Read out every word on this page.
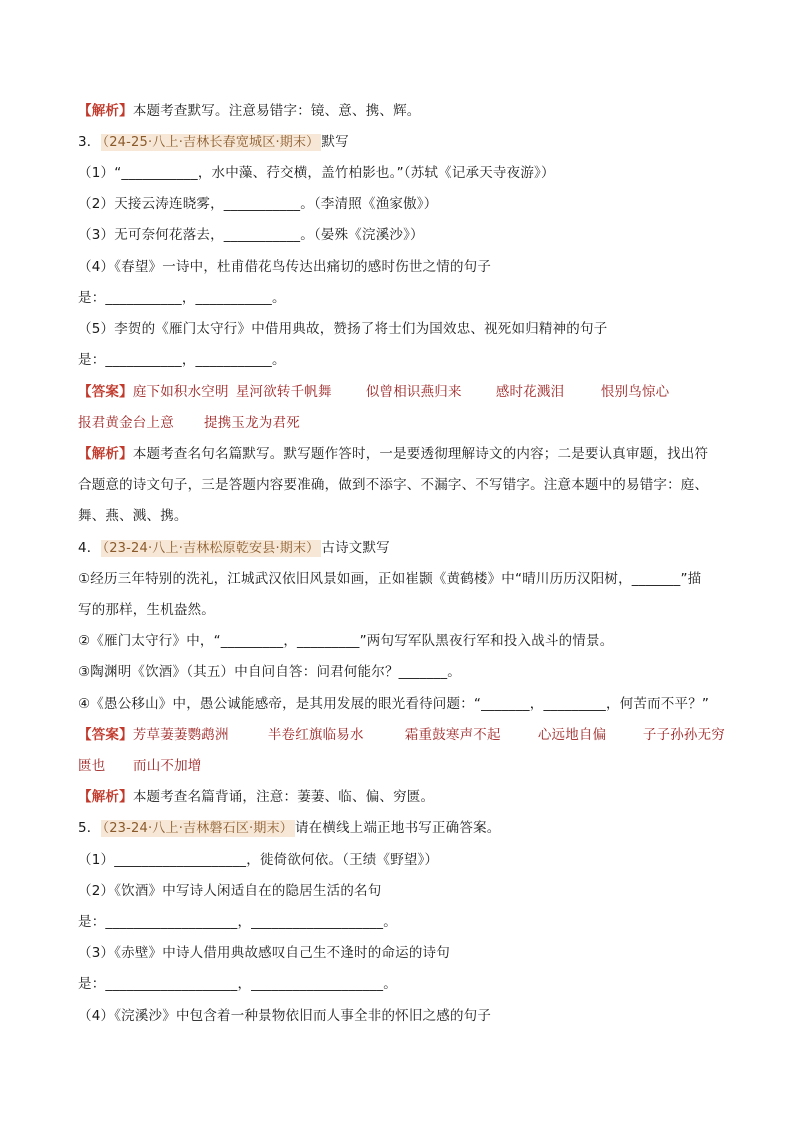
【解析】本题考查默写。注意易错字：镜、意、携、辉。
3． （24-25·八上·吉林长春宽城区·期末） 默写
（1）“___________，水中藻、荇交横，盖竹柏影也。”（苏轼《记承天寺夜游》）
（2）天接云涛连晓雾，___________。（李清照《渔家傲》）
（3）无可奈何花落去，___________。（晏殊《浣溪沙》）
（4）《春望》一诗中，杜甫借花鸟传达出痛切的感时伤世之情的句子
是：___________，___________。
（5）李贺的《雁门太守行》中借用典故，赞扬了将士们为国效忠、视死如归精神的句子
是：___________，___________。
【答案】庭下如积水空明 星河欲转千帆舞	似曾相识燕归来	感时花溅泪	恨别鸟惊心
报君黄金台上意 提携玉龙为君死
【解析】本题考查名句名篇默写。默写题作答时，一是要透彻理解诗文的内容；二是要认真审题，找出符
合题意的诗文句子，三是答题内容要准确，做到不添字、不漏字、不写错字。注意本题中的易错字：庭、
舞、燕、溅、携。
4． （23-24·八上·吉林松原乾安县·期末） 古诗文默写
①经历三年特别的洗礼，江城武汉依旧风景如画，正如崔颢《黄鹤楼》中“晴川历历汉阳树，_______”描
写的那样，生机盎然。
②《雁门太守行》中，“_________，_________”两句写军队黑夜行军和投入战斗的情景。
③陶渊明《饮酒》（其五）中自问自答：问君何能尔？_______。
④《愚公移山》中，愚公诚能感帝，是其用发展的眼光看待问题：“_______，_________，何苦而不平？”
【答案】芳草萋萋鹦鹉洲	半卷红旗临易水	霜重鼓寒声不起	心远地自偏	子子孙孙无穷
匮也 而山不加增
【解析】本题考查名篇背诵，注意：萋萋、临、偏、穷匮。
5． （23-24·八上·吉林磐石区·期末） 请在横线上端正地书写正确答案。
（1）___________________，徙倚欲何依。（王绩《野望》）
（2）《饮酒》中写诗人闲适自在的隐居生活的名句
是：___________________，___________________。
（3）《赤壁》中诗人借用典故感叹自己生不逢时的命运的诗句
是：___________________，___________________。
（4）《浣溪沙》中包含着一种景物依旧而人事全非的怀旧之感的句子
